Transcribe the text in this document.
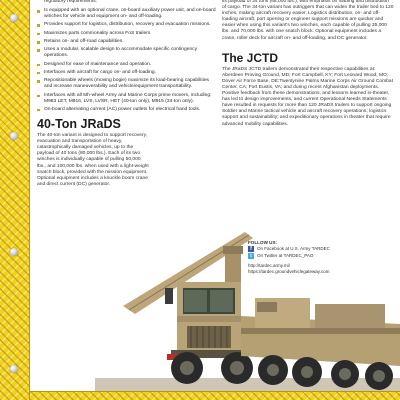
regulatory requirements.
Is equipped with an optional crane, on-board auxiliary power unit, and on-board winches for vehicle and equipment on- and off-loading.
Provides support for logistics, distribution, recovery and evacuation missions.
Maximizes parts commonality across FoS trailers
Retains on- and off-road capabilities.
Uses a modular, scalable design to accommodate specific contingency operations.
Designed for ease of maintenance and operation.
Interfaces with aircraft for cargo on- and off-loading.
Repositionable wheels (moving bogie) maximize its load-bearing capabilities and increase maneuverability and vehicle/equipment transportability.
Interfaces with all 5th-wheel Army and Marine Corps prime movers, including: M983 LET, M916, LVS, LVSR, HET (40-ton only), M915 (34-ton only).
On-board alternating current (AC) power outlets for electrical hand tools.
40-Ton JRaDS
The 40-ton variant is designed to support recovery, evacuation and transportation of heavy, catastrophically damaged vehicles, up to the payload of 40 tons (80,000 lbs.). Each of its two winches is individually capable of pulling 50,000 lbs., and 100,000 lbs. when used with a light-weight snatch block, provided with the mission equipment. Optional equipment includes a knuckle boom crane and direct current (DC) generator.
its payload of 34 tons (68,000 lbs.), with emphasis on loading and distribution of cargo. The 34-ton variant has outriggers that can widen the trailer bed to 120 inches, making aircraft recovery easier. Logistics distribution, on- and off-loading aircraft, port opening or engineer support missions are quicker and easier when using this variant's two winches, each capable of pulling 35,000 lbs. and 70,000 lbs. with one snatch block. Optional equipment includes a crane, roller deck for aircraft on- and off-loading, and DC generator.
The JCTD
The JRaDS JCTD trailers demonstrated their respective capabilities at: Aberdeen Proving Ground, MD; Fort Campbell, KY; Fort Leonard Wood, MO; Dover Air Force Base, DE;Twentynine Palms Marine Corps Air Ground Combat Center, CA; Fort Eustis, VA; and during recent Afghanistan deployments. Positive feedback from these demonstrations, and lessons learned in-theater, has led to design improvements, and current Operational Needs Statements have resulted in requests for more than 120 JRaDS trailers to support ongoing Soldier and Marine tactical vehicle and aircraft recovery operations; logistics support and sustainability; and expeditionary operations in theater that require advanced mobility capabilities.
FOLLOW US:
f	On Facebook at U.S. Army TARDEC
t	On Twitter at TARDEC_PAO
http://tardec.army.mil
https://tardec.groundvehiclegateway.com
